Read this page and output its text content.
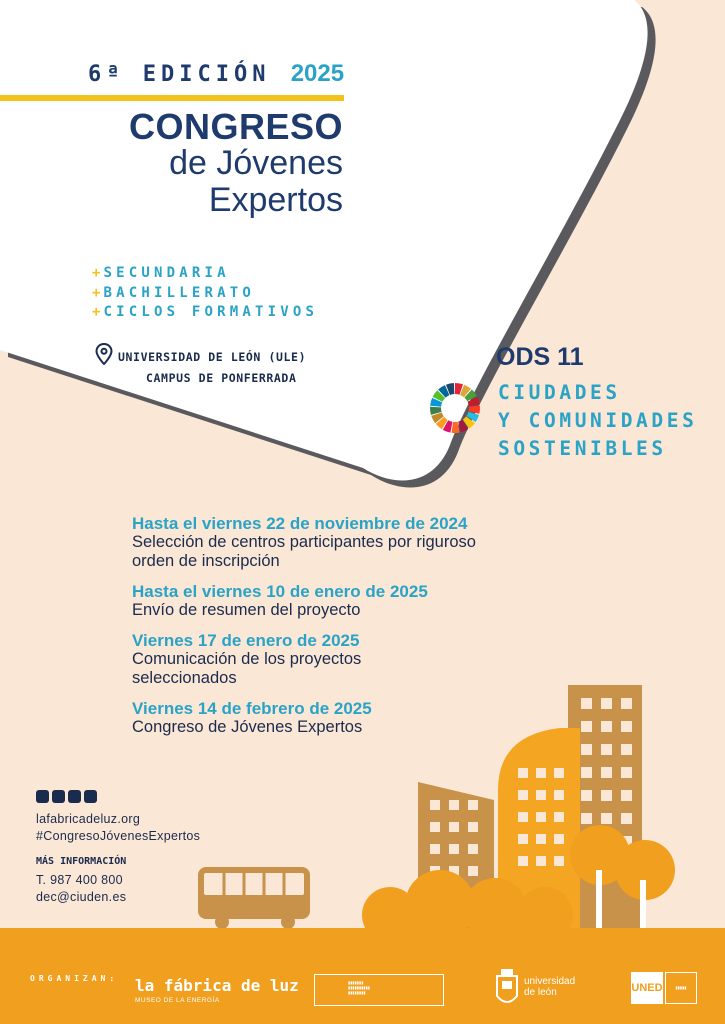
6ª EDICIÓN 2025
CONGRESO
de Jóvenes
Expertos
+ SECUNDARIA
+ BACHILLERATO
+ CICLOS FORMATIVOS
UNIVERSIDAD DE LEÓN (ULE)
CAMPUS DE PONFERRADA
ODS 11
CIUDADES
Y COMUNIDADES
SOSTENIBLES
Hasta el viernes 22 de noviembre de 2024
Selección de centros participantes por riguroso
orden de inscripción
Hasta el viernes 10 de enero de 2025
Envío de resumen del proyecto
Viernes 17 de enero de 2025
Comunicación de los proyectos
seleccionados
Viernes 14 de febrero de 2025
Congreso de Jóvenes Expertos
lafabricadeluz.org
#CongresoJóvenesExpertos
MÁS INFORMACIÓN
T. 987 400 800
dec@ciuden.es
ORGANIZAN: la fábrica de luz
MUSEO DE LA ENERGÍA
▮▮▮▮▮▮▮
▮▮▮▮▮▮▮▮▮▮
▮▮▮▮▮▮▮▮
universidad
de león	UNED	▮▮▮▮▮
